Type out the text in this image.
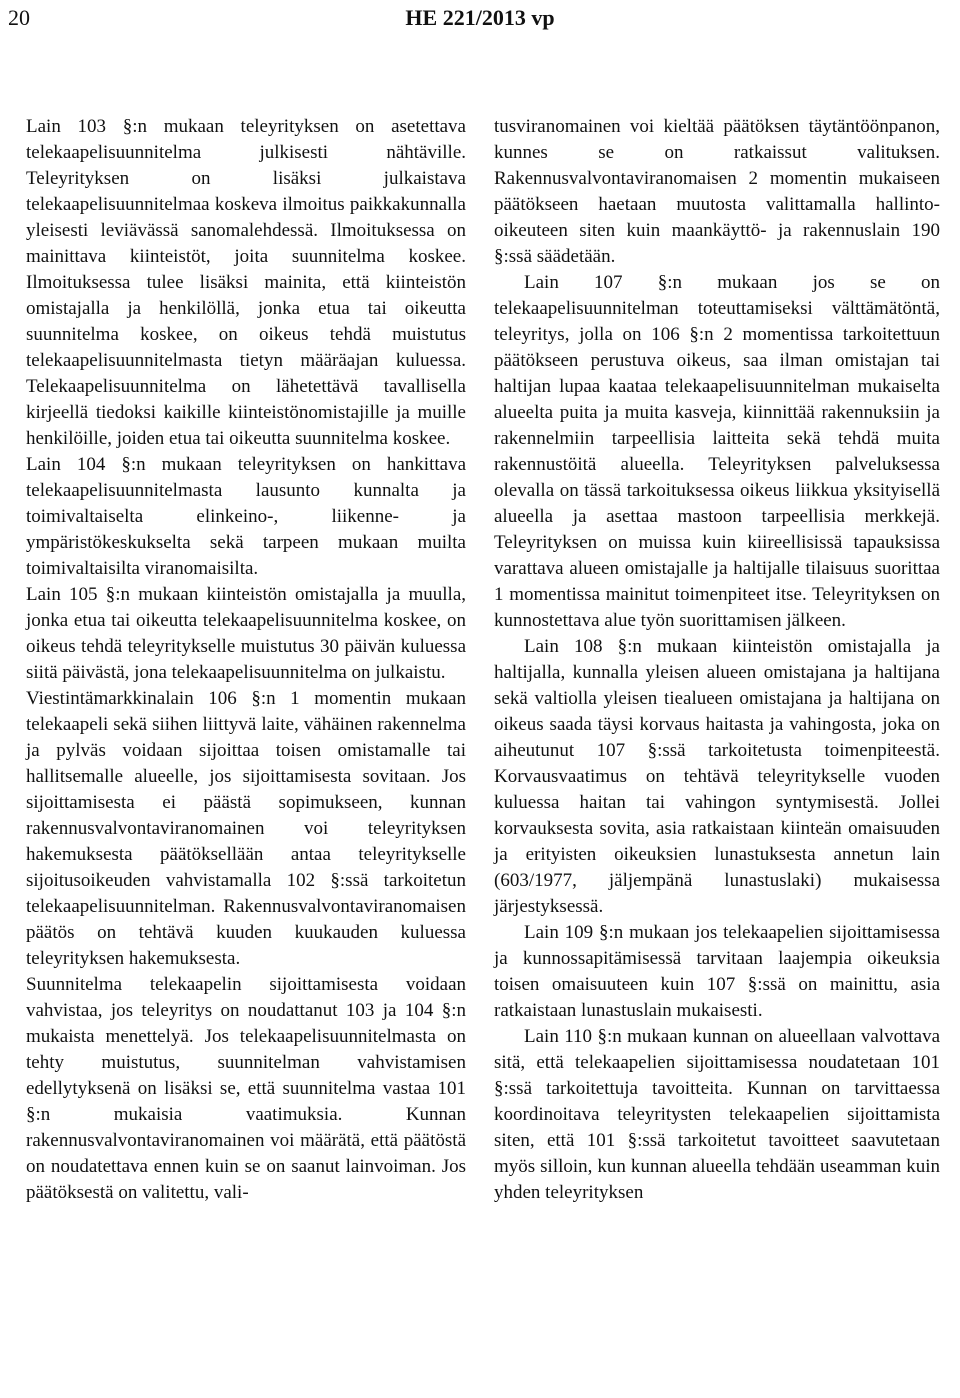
20	HE 221/2013 vp

Lain 103 §:n mukaan teleyrityksen on asetettava telekaapelisuunnitelma julkisesti nähtäville. Teleyrityksen on lisäksi julkaistava telekaapelisuunnitelmaa koskeva ilmoitus paikkakunnalla yleisesti leviävässä sanomalehdessä. Ilmoituksessa on mainittava kiinteistöt, joita suunnitelma koskee. Ilmoituksessa tulee lisäksi mainita, että kiinteistön omistajalla ja henkilöllä, jonka etua tai oikeutta suunnitelma koskee, on oikeus tehdä muistutus telekaapelisuunnitelmasta tietyn määräajan kuluessa. Telekaapelisuunnitelma on lähetettävä tavallisella kirjeellä tiedoksi kaikille kiinteistönomistajille ja muille henkilöille, joiden etua tai oikeutta suunnitelma koskee.

Lain 104 §:n mukaan teleyrityksen on hankittava telekaapelisuunnitelmasta lausunto kunnalta ja toimivaltaiselta elinkeino-, liikenne- ja ympäristökeskukselta sekä tarpeen mukaan muilta toimivaltaisilta viranomaisilta.

Lain 105 §:n mukaan kiinteistön omistajalla ja muulla, jonka etua tai oikeutta telekaapelisuunnitelma koskee, on oikeus tehdä teleyritykselle muistutus 30 päivän kuluessa siitä päivästä, jona telekaapelisuunnitelma on julkaistu.

Viestintämarkkinalain 106 §:n 1 momentin mukaan telekaapeli sekä siihen liittyvä laite, vähäinen rakennelma ja pylväs voidaan sijoittaa toisen omistamalle tai hallitsemalle alueelle, jos sijoittamisesta sovitaan. Jos sijoittamisesta ei päästä sopimukseen, kunnan rakennusvalvontaviranomainen voi teleyrityksen hakemuksesta päätöksellään antaa teleyritykselle sijoitusoikeuden vahvistamalla 102 §:ssä tarkoitetun telekaapelisuunnitelman. Rakennusvalvontaviranomaisen päätös on tehtävä kuuden kuukauden kuluessa teleyrityksen hakemuksesta.

Suunnitelma telekaapelin sijoittamisesta voidaan vahvistaa, jos teleyritys on noudattanut 103 ja 104 §:n mukaista menettelyä. Jos telekaapelisuunnitelmasta on tehty muistutus, suunnitelman vahvistamisen edellytyksenä on lisäksi se, että suunnitelma vastaa 101 §:n mukaisia vaatimuksia. Kunnan rakennusvalvontaviranomainen voi määrätä, että päätöstä on noudatettava ennen kuin se on saanut lainvoiman. Jos päätöksestä on valitettu, vali-

tusviranomainen voi kieltää päätöksen täytäntöönpanon, kunnes se on ratkaissut valituksen. Rakennusvalvontaviranomaisen 2 momentin mukaiseen päätökseen haetaan muutosta valittamalla hallinto-oikeuteen siten kuin maankäyttö- ja rakennuslain 190 §:ssä säädetään.

Lain 107 §:n mukaan jos se on telekaapelisuunnitelman toteuttamiseksi välttämätöntä, teleyritys, jolla on 106 §:n 2 momentissa tarkoitettuun päätökseen perustuva oikeus, saa ilman omistajan tai haltijan lupaa kaataa telekaapelisuunnitelman mukaiselta alueelta puita ja muita kasveja, kiinnittää rakennuksiin ja rakennelmiin tarpeellisia laitteita sekä tehdä muita rakennustöitä alueella. Teleyrityksen palveluksessa olevalla on tässä tarkoituksessa oikeus liikkua yksityisellä alueella ja asettaa mastoon tarpeellisia merkkejä. Teleyrityksen on muissa kuin kiireellisissä tapauksissa varattava alueen omistajalle ja haltijalle tilaisuus suorittaa 1 momentissa mainitut toimenpiteet itse. Teleyrityksen on kunnostettava alue työn suorittamisen jälkeen.

Lain 108 §:n mukaan kiinteistön omistajalla ja haltijalla, kunnalla yleisen alueen omistajana ja haltijana sekä valtiolla yleisen tiealueen omistajana ja haltijana on oikeus saada täysi korvaus haitasta ja vahingosta, joka on aiheutunut 107 §:ssä tarkoitetusta toimenpiteestä. Korvausvaatimus on tehtävä teleyritykselle vuoden kuluessa haitan tai vahingon syntymisestä. Jollei korvauksesta sovita, asia ratkaistaan kiinteän omaisuuden ja erityisten oikeuksien lunastuksesta annetun lain (603/1977, jäljempänä lunastuslaki) mukaisessa järjestyksessä.

Lain 109 §:n mukaan jos telekaapelien sijoittamisessa ja kunnossapitämisessä tarvitaan laajempia oikeuksia toisen omaisuuteen kuin 107 §:ssä on mainittu, asia ratkaistaan lunastuslain mukaisesti.

Lain 110 §:n mukaan kunnan on alueellaan valvottava sitä, että telekaapelien sijoittamisessa noudatetaan 101 §:ssä tarkoitettuja tavoitteita. Kunnan on tarvittaessa koordinoitava teleyritysten telekaapelien sijoittamista siten, että 101 §:ssä tarkoitetut tavoitteet saavutetaan myös silloin, kun kunnan alueella tehdään useamman kuin yhden teleyrityksen
